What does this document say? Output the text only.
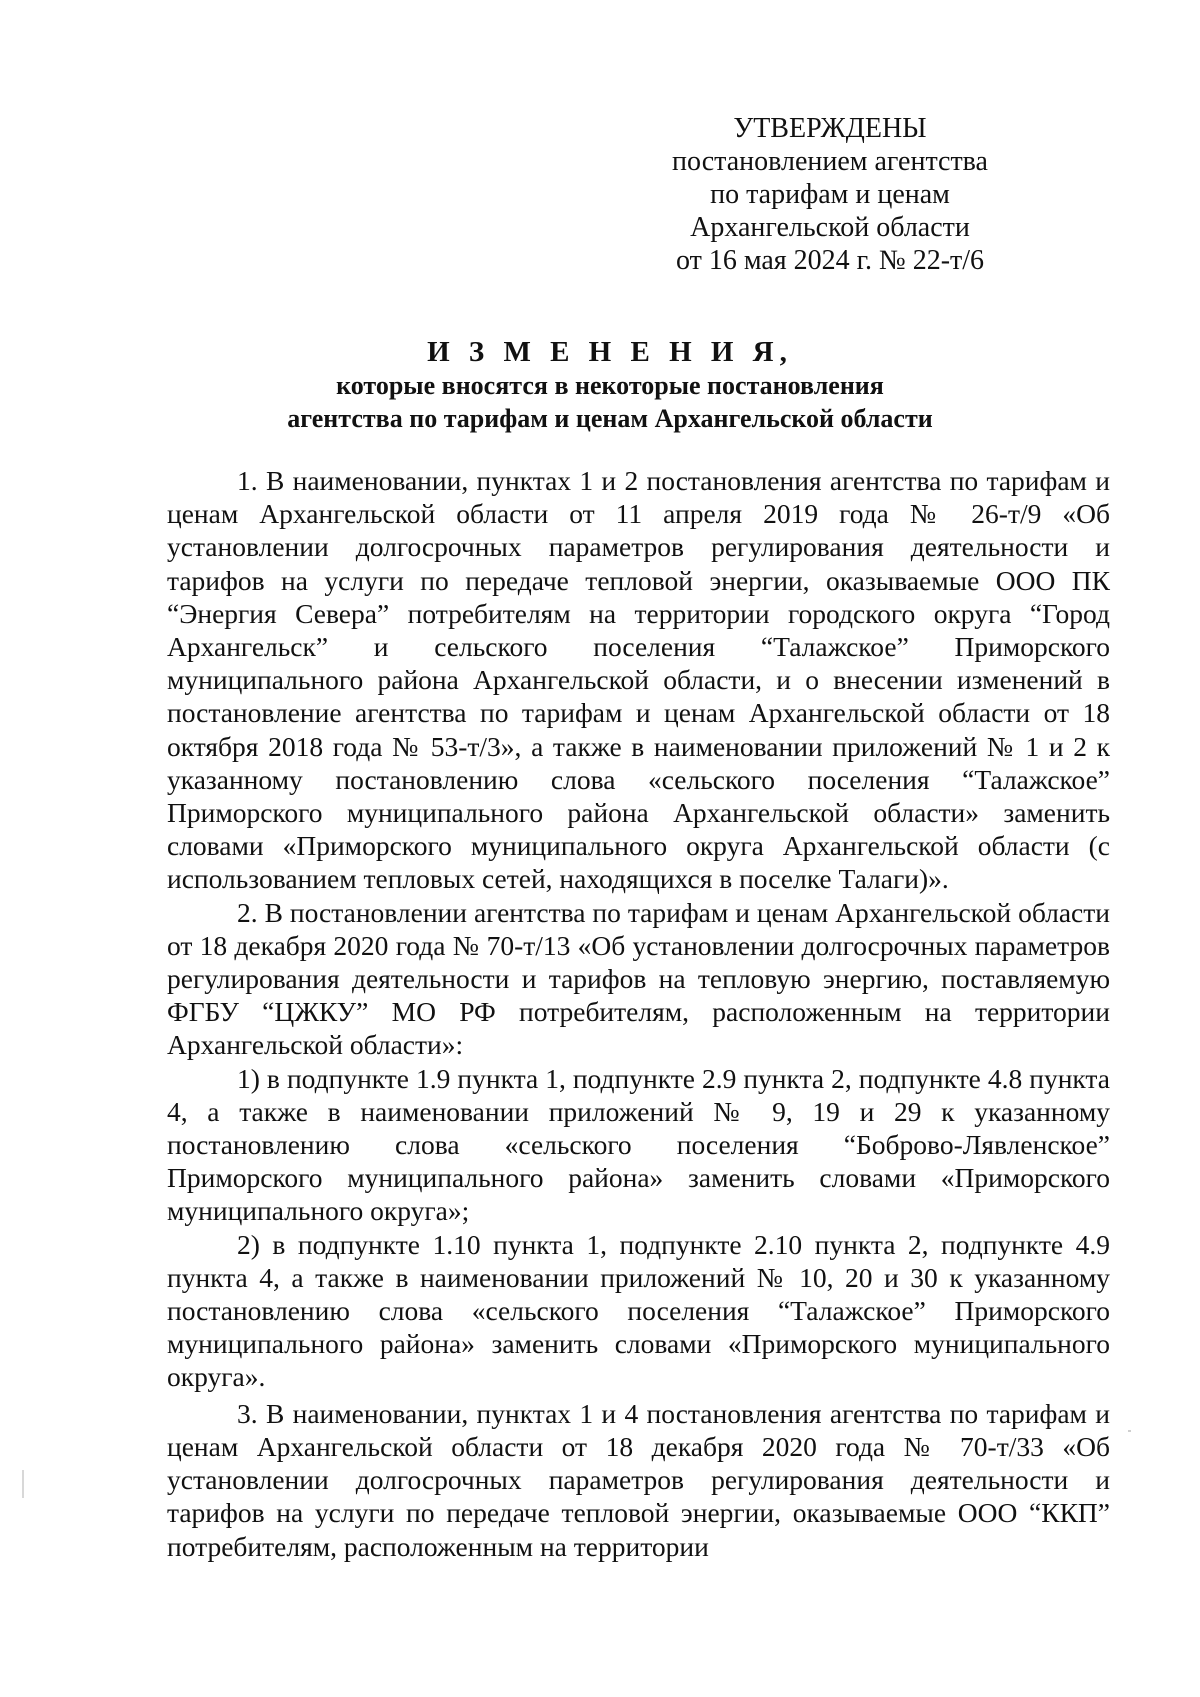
УТВЕРЖДЕНЫ
постановлением агентства
по тарифам и ценам
Архангельской области
от 16 мая 2024 г. № 22-т/6
И З М Е Н Е Н И Я,
которые вносятся в некоторые постановления
агентства по тарифам и ценам Архангельской области

1. В наименовании, пунктах 1 и 2 постановления агентства по тарифам и ценам Архангельской области от 11 апреля 2019 года № 26-т/9 «Об установлении долгосрочных параметров регулирования деятельности и тарифов на услуги по передаче тепловой энергии, оказываемые ООО ПК “Энергия Севера” потребителям на территории городского округа “Город Архангельск” и сельского поселения “Талажское” Приморского муниципального района Архангельской области, и о внесении изменений в постановление агентства по тарифам и ценам Архангельской области от 18 октября 2018 года № 53-т/3», а также в наименовании приложений № 1 и 2 к указанному постановлению слова «сельского поселения “Талажское” Приморского муниципального района Архангельской области» заменить словами «Приморского муниципального округа Архангельской области (с использованием тепловых сетей, находящихся в поселке Талаги)».

2. В постановлении агентства по тарифам и ценам Архангельской области от 18 декабря 2020 года № 70-т/13 «Об установлении долгосрочных параметров регулирования деятельности и тарифов на тепловую энергию, поставляемую ФГБУ “ЦЖКУ” МО РФ потребителям, расположенным на территории Архангельской области»:

1) в подпункте 1.9 пункта 1, подпункте 2.9 пункта 2, подпункте 4.8 пункта 4, а также в наименовании приложений № 9, 19 и 29 к указанному постановлению слова «сельского поселения “Боброво-Лявленское” Приморского муниципального района» заменить словами «Приморского муниципального округа»;

2) в подпункте 1.10 пункта 1, подпункте 2.10 пункта 2, подпункте 4.9 пункта 4, а также в наименовании приложений № 10, 20 и 30 к указанному постановлению слова «сельского поселения “Талажское” Приморского муниципального района» заменить словами «Приморского муниципального округа».

3. В наименовании, пунктах 1 и 4 постановления агентства по тарифам и ценам Архангельской области от 18 декабря 2020 года № 70-т/33 «Об установлении долгосрочных параметров регулирования деятельности и тарифов на услуги по передаче тепловой энергии, оказываемые ООО “ККП” потребителям, расположенным на территории
